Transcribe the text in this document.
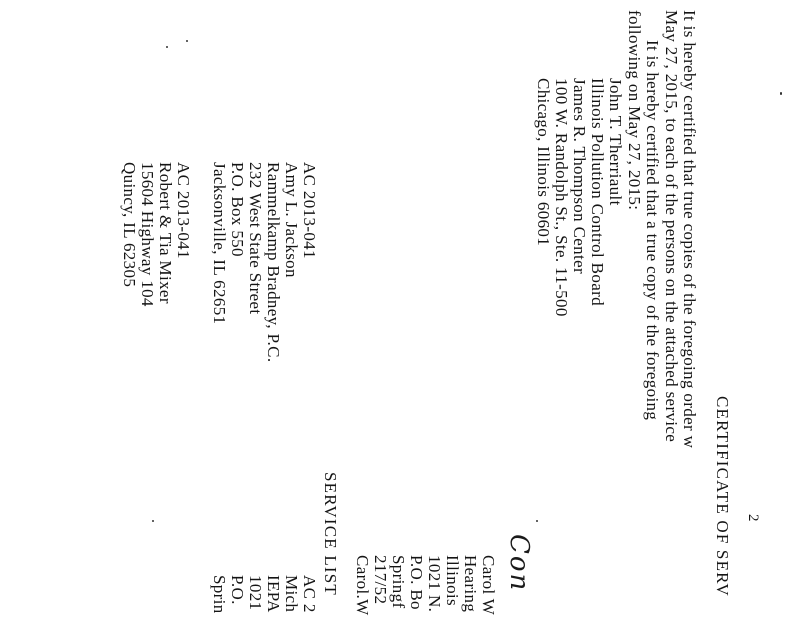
2
CERTIFICATE OF SERV
It is hereby certified that true copies of the foregoing order w
May 27, 2015, to each of the persons on the attached service
It is hereby certified that a true copy of the foregoing
following on May 27, 2015:
John T. Therriault
Illinois Pollution Control Board
James R. Thompson Center
100 W. Randolph St., Ste. 11-500
Chicago, Illinois 60601
Con
SERVICE LIST
AC 2013-041
Amy L. Jackson
Rammelkamp Bradney, P.C.
232 West State Street
P.O. Box 550
Jacksonville, IL 62651
AC 2013-041
Robert & Tia Mixer
15604 Highway 104
Quincy, IL 62305
AC 2
Mich
IEPA
1021
P.O.
Sprin	Carol W
Hearing
Illinois
1021 N.
P.O. Bo
Springf
217/52
Carol.W
